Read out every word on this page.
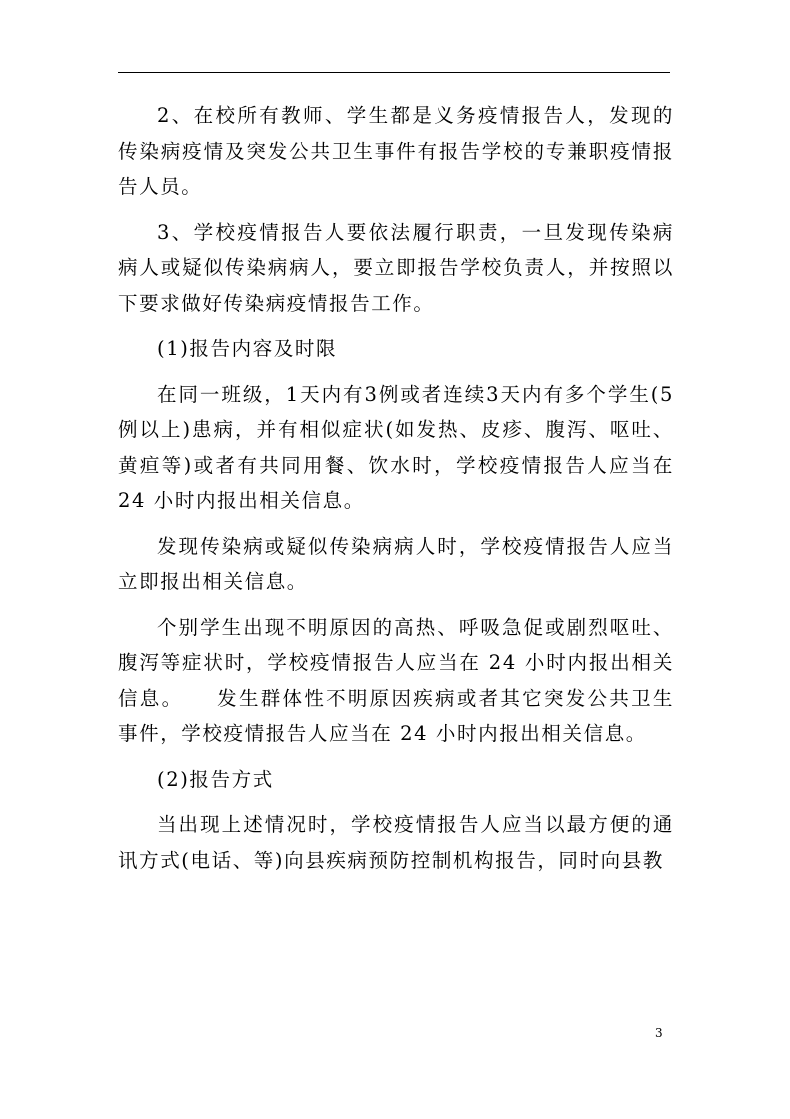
2、在校所有教师、学生都是义务疫情报告人，发现的传染病疫情及突发公共卫生事件有报告学校的专兼职疫情报告人员。

3、学校疫情报告人要依法履行职责，一旦发现传染病病人或疑似传染病病人，要立即报告学校负责人，并按照以下要求做好传染病疫情报告工作。

(1)报告内容及时限

在同一班级，1天内有3例或者连续3天内有多个学生(5例以上)患病，并有相似症状(如发热、皮疹、腹泻、呕吐、黄疸等)或者有共同用餐、饮水时，学校疫情报告人应当在 24 小时内报出相关信息。

发现传染病或疑似传染病病人时，学校疫情报告人应当立即报出相关信息。

个别学生出现不明原因的高热、呼吸急促或剧烈呕吐、腹泻等症状时，学校疫情报告人应当在 24 小时内报出相关信息。　　发生群体性不明原因疾病或者其它突发公共卫生事件，学校疫情报告人应当在 24 小时内报出相关信息。

(2)报告方式

当出现上述情况时，学校疫情报告人应当以最方便的通讯方式(电话、等)向县疾病预防控制机构报告，同时向县教

3
